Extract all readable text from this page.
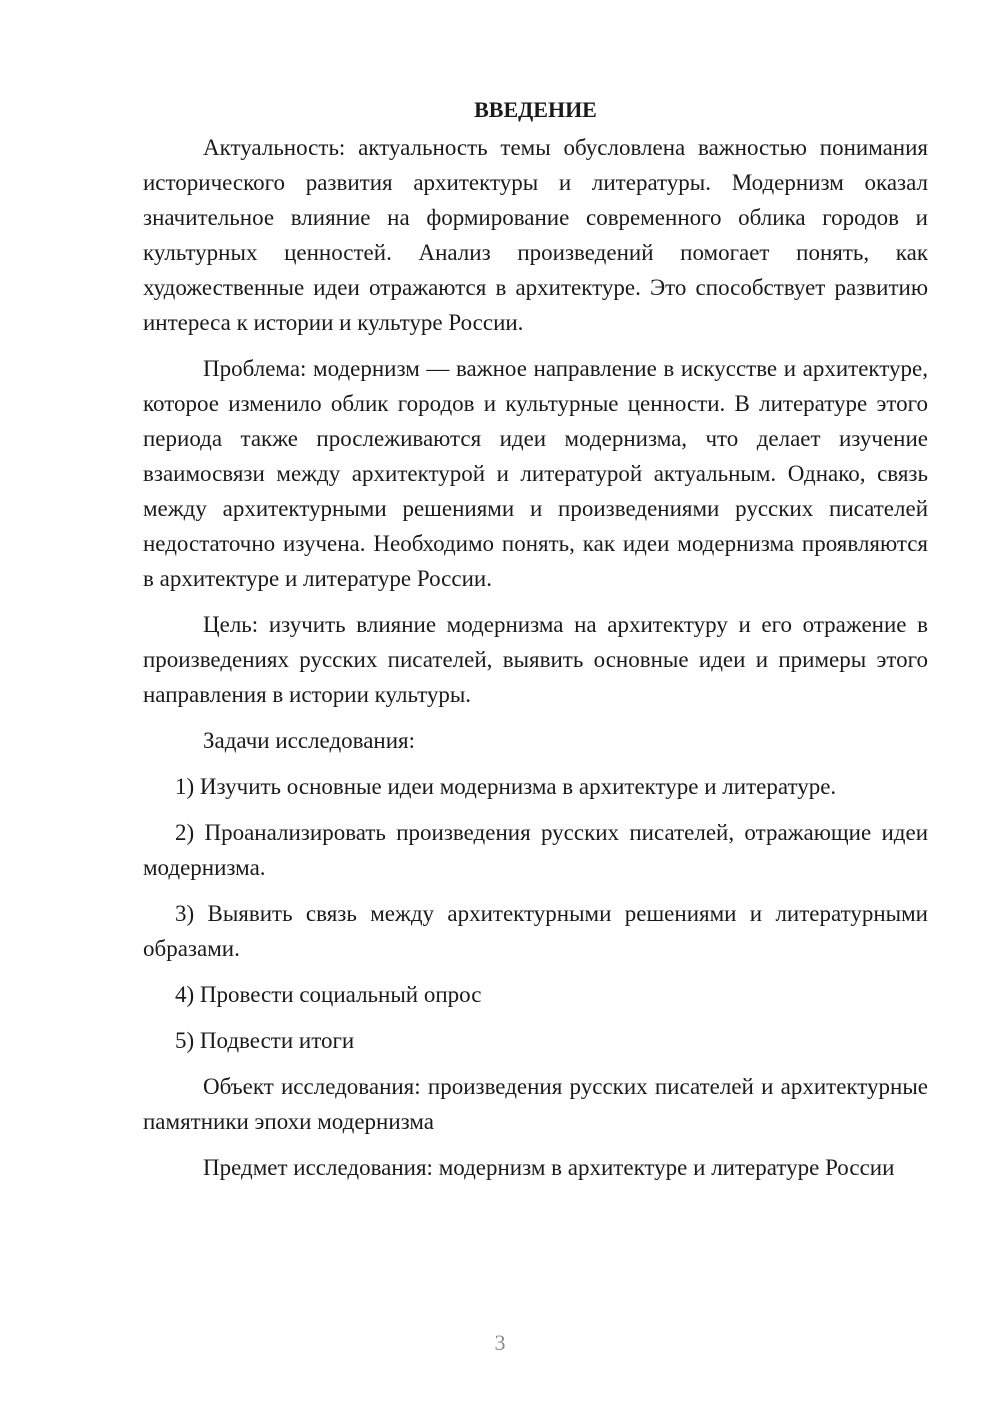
ВВЕДЕНИЕ

Актуальность: актуальность темы обусловлена важностью понимания исторического развития архитектуры и литературы. Модернизм оказал значительное влияние на формирование современного облика городов и культурных ценностей. Анализ произведений помогает понять, как художественные идеи отражаются в архитектуре. Это способствует развитию интереса к истории и культуре России.

Проблема: модернизм — важное направление в искусстве и архитектуре, которое изменило облик городов и культурные ценности. В литературе этого периода также прослеживаются идеи модернизма, что делает изучение взаимосвязи между архитектурой и литературой актуальным. Однако, связь между архитектурными решениями и произведениями русских писателей недостаточно изучена. Необходимо понять, как идеи модернизма проявляются в архитектуре и литературе России.

Цель: изучить влияние модернизма на архитектуру и его отражение в произведениях русских писателей, выявить основные идеи и примеры этого направления в истории культуры.

Задачи исследования:

1) Изучить основные идеи модернизма в архитектуре и литературе.

2) Проанализировать произведения русских писателей, отражающие идеи модернизма.

3) Выявить связь между архитектурными решениями и литературными образами.

4) Провести социальный опрос

5) Подвести итоги

Объект исследования: произведения русских писателей и архитектурные памятники эпохи модернизма

Предмет исследования: модернизм в архитектуре и литературе России

3
